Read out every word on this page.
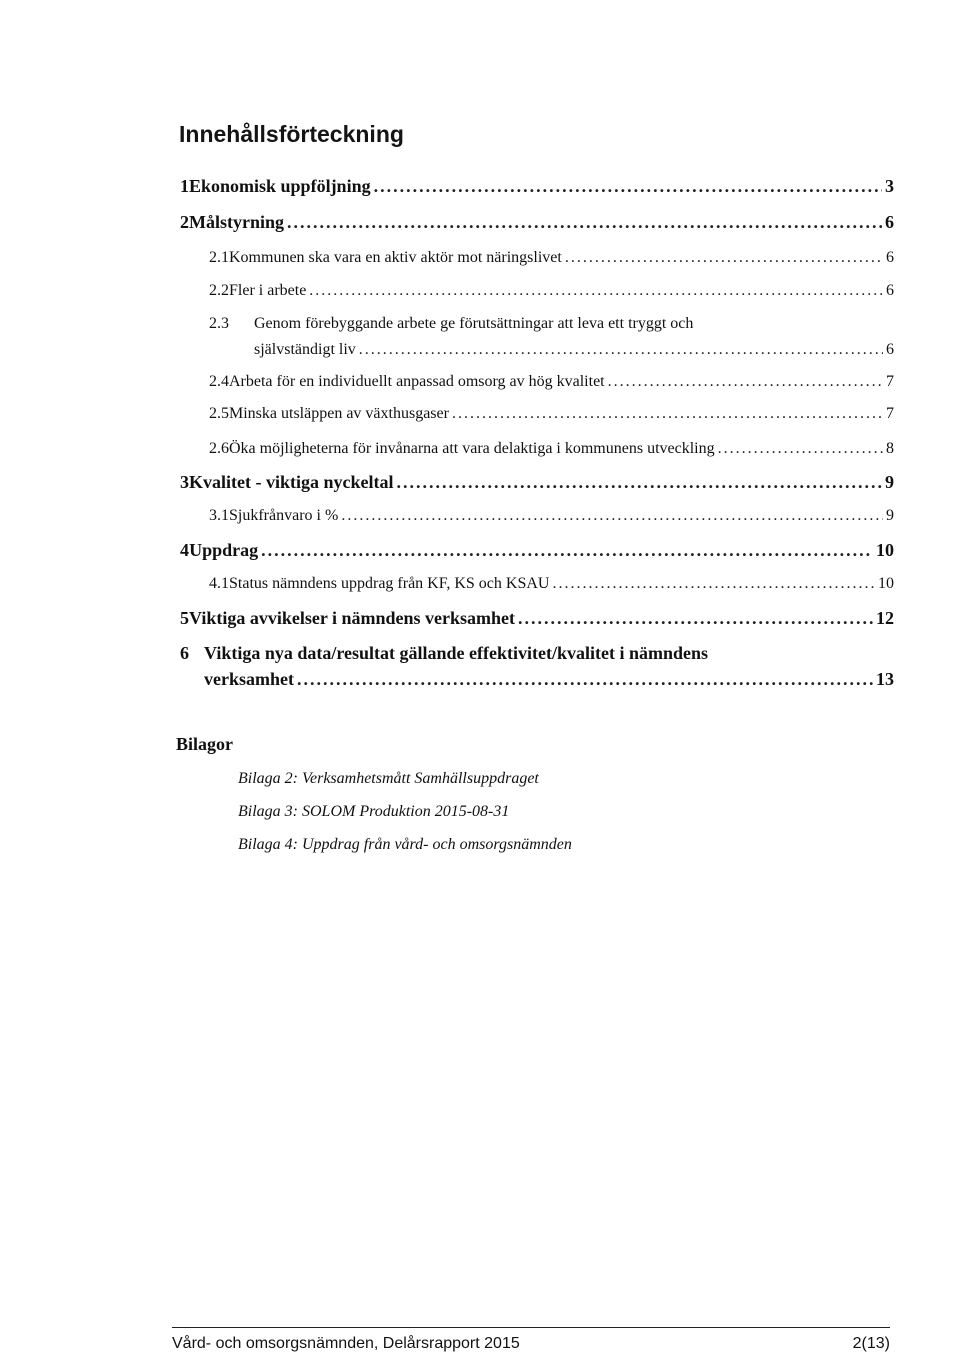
Innehållsförteckning
1 Ekonomisk uppföljning .....	3
2 Målstyrning .....	6
2.1 Kommunen ska vara en aktiv aktör mot näringslivet .....	6
2.2 Fler i arbete .....	6
2.3 Genom förebyggande arbete ge förutsättningar att leva ett tryggt och
självständigt liv .....	6
2.4 Arbeta för en individuellt anpassad omsorg av hög kvalitet .....	7
2.5 Minska utsläppen av växthusgaser .....	7
2.6 Öka möjligheterna för invånarna att vara delaktiga i kommunens utveckling .....	8
3 Kvalitet - viktiga nyckeltal .....	9
3.1 Sjukfrånvaro i % .....	9
4 Uppdrag .....	10
4.1 Status nämndens uppdrag från KF, KS och KSAU .....	10
5 Viktiga avvikelser i nämndens verksamhet .....	12
6 Viktiga nya data/resultat gällande effektivitet/kvalitet i nämndens
verksamhet .....	13
Bilagor
Bilaga 2: Verksamhetsmått Samhällsuppdraget
Bilaga 3: SOLOM Produktion 2015-08-31
Bilaga 4: Uppdrag från vård- och omsorgsnämnden
Vård- och omsorgsnämnden, Delårsrapport 2015	2(13)
